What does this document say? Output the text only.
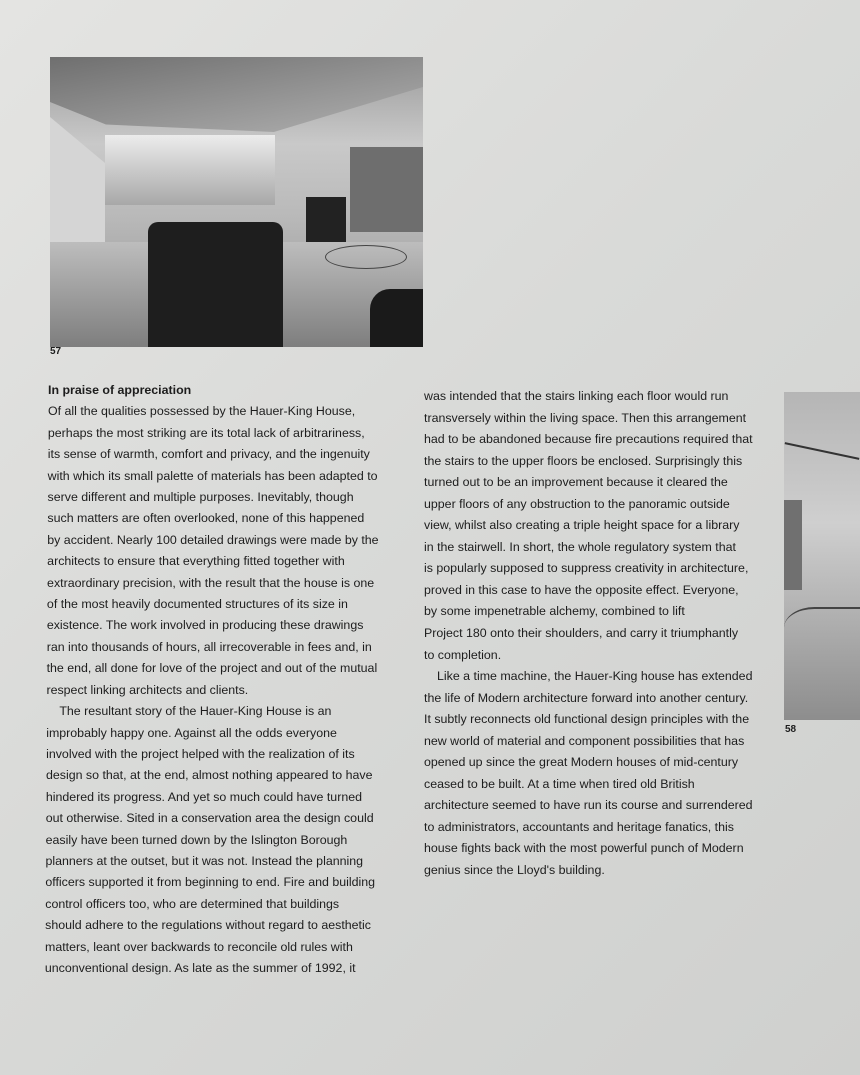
57
58
In praise of appreciation
Of all the qualities possessed by the Hauer-King House,
perhaps the most striking are its total lack of arbitrariness,
its sense of warmth, comfort and privacy, and the ingenuity
with which its small palette of materials has been adapted to
serve different and multiple purposes. Inevitably, though
such matters are often overlooked, none of this happened
by accident. Nearly 100 detailed drawings were made by the
architects to ensure that everything fitted together with
extraordinary precision, with the result that the house is one
of the most heavily documented structures of its size in
existence. The work involved in producing these drawings
ran into thousands of hours, all irrecoverable in fees and, in
the end, all done for love of the project and out of the mutual
respect linking architects and clients.
The resultant story of the Hauer-King House is an
improbably happy one. Against all the odds everyone
involved with the project helped with the realization of its
design so that, at the end, almost nothing appeared to have
hindered its progress. And yet so much could have turned
out otherwise. Sited in a conservation area the design could
easily have been turned down by the Islington Borough
planners at the outset, but it was not. Instead the planning
officers supported it from beginning to end. Fire and building
control officers too, who are determined that buildings
should adhere to the regulations without regard to aesthetic
matters, leant over backwards to reconcile old rules with
unconventional design. As late as the summer of 1992, it
was intended that the stairs linking each floor would run
transversely within the living space. Then this arrangement
had to be abandoned because fire precautions required that
the stairs to the upper floors be enclosed. Surprisingly this
turned out to be an improvement because it cleared the
upper floors of any obstruction to the panoramic outside
view, whilst also creating a triple height space for a library
in the stairwell. In short, the whole regulatory system that
is popularly supposed to suppress creativity in architecture,
proved in this case to have the opposite effect. Everyone,
by some impenetrable alchemy, combined to lift
Project 180 onto their shoulders, and carry it triumphantly
to completion.
Like a time machine, the Hauer-King house has extended
the life of Modern architecture forward into another century.
It subtly reconnects old functional design principles with the
new world of material and component possibilities that has
opened up since the great Modern houses of mid-century
ceased to be built. At a time when tired old British
architecture seemed to have run its course and surrendered
to administrators, accountants and heritage fanatics, this
house fights back with the most powerful punch of Modern
genius since the Lloyd's building.
